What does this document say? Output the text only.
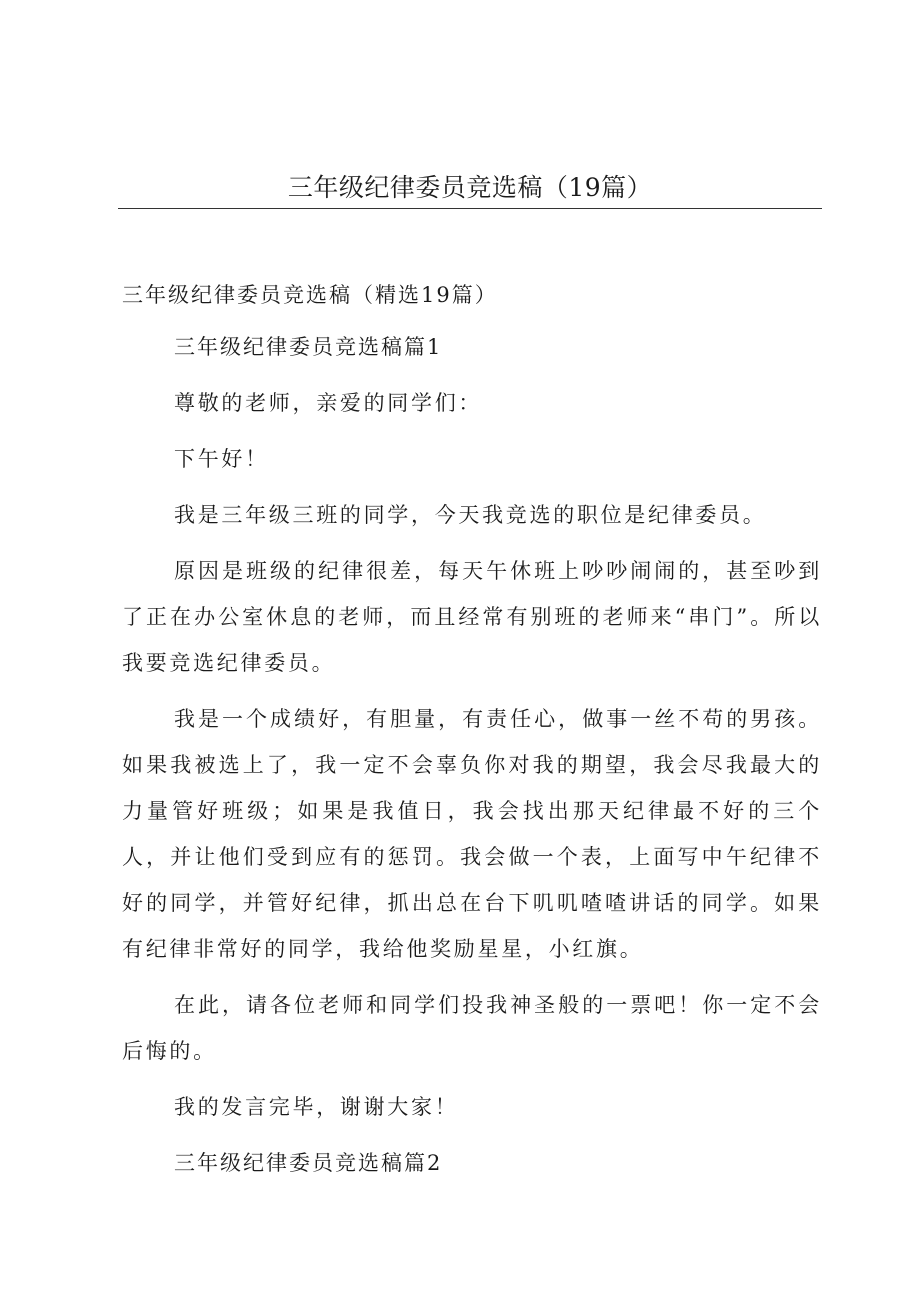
三年级纪律委员竞选稿（19篇）

三年级纪律委员竞选稿（精选19篇）

三年级纪律委员竞选稿篇1

尊敬的老师，亲爱的同学们：

下午好！

我是三年级三班的同学，今天我竞选的职位是纪律委员。

原因是班级的纪律很差，每天午休班上吵吵闹闹的，甚至吵到了正在办公室休息的老师，而且经常有别班的老师来“串门”。所以我要竞选纪律委员。

我是一个成绩好，有胆量，有责任心，做事一丝不苟的男孩。如果我被选上了，我一定不会辜负你对我的期望，我会尽我最大的力量管好班级；如果是我值日，我会找出那天纪律最不好的三个人，并让他们受到应有的惩罚。我会做一个表，上面写中午纪律不好的同学，并管好纪律，抓出总在台下叽叽喳喳讲话的同学。如果有纪律非常好的同学，我给他奖励星星，小红旗。

在此，请各位老师和同学们投我神圣般的一票吧！你一定不会后悔的。

我的发言完毕，谢谢大家！

三年级纪律委员竞选稿篇2
